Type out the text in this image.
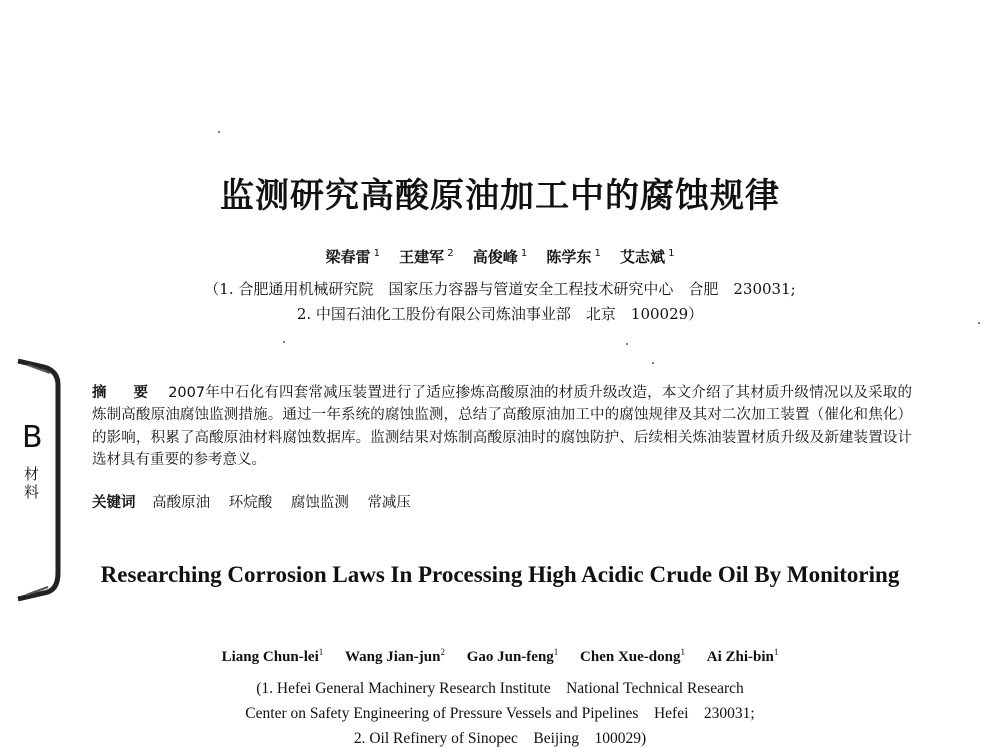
B
材料
监测研究高酸原油加工中的腐蚀规律
梁春雷 $^1$ 王建军 $^2$ 高俊峰 $^1$ 陈学东 $^1$ 艾志斌 $^1$
（1. 合肥通用机械研究院　国家压力容器与管道安全工程技术研究中心　合肥　230031;
2. 中国石油化工股份有限公司炼油事业部　北京　100029）
摘　要 2007年中石化有四套常减压装置进行了适应掺炼高酸原油的材质升级改造，本文介绍了其材质升级情况以及采取的炼制高酸原油腐蚀监测措施。通过一年系统的腐蚀监测，总结了高酸原油加工中的腐蚀规律及其对二次加工装置（催化和焦化）的影响，积累了高酸原油材料腐蚀数据库。监测结果对炼制高酸原油时的腐蚀防护、后续相关炼油装置材质升级及新建装置设计选材具有重要的参考意义。
关键词 高酸原油 环烷酸 腐蚀监测 常减压
Researching Corrosion Laws In Processing High Acidic Crude Oil By Monitoring
Liang Chun-lei$^1$ Wang Jian-jun$^2$ Gao Jun-feng$^1$ Chen Xue-dong$^1$ Ai Zhi-bin$^1$
(1. Hefei General Machinery Research Institute　National Technical Research
Center on Safety Engineering of Pressure Vessels and Pipelines　Hefei　230031;
2. Oil Refinery of Sinopec　Beijing　100029)
